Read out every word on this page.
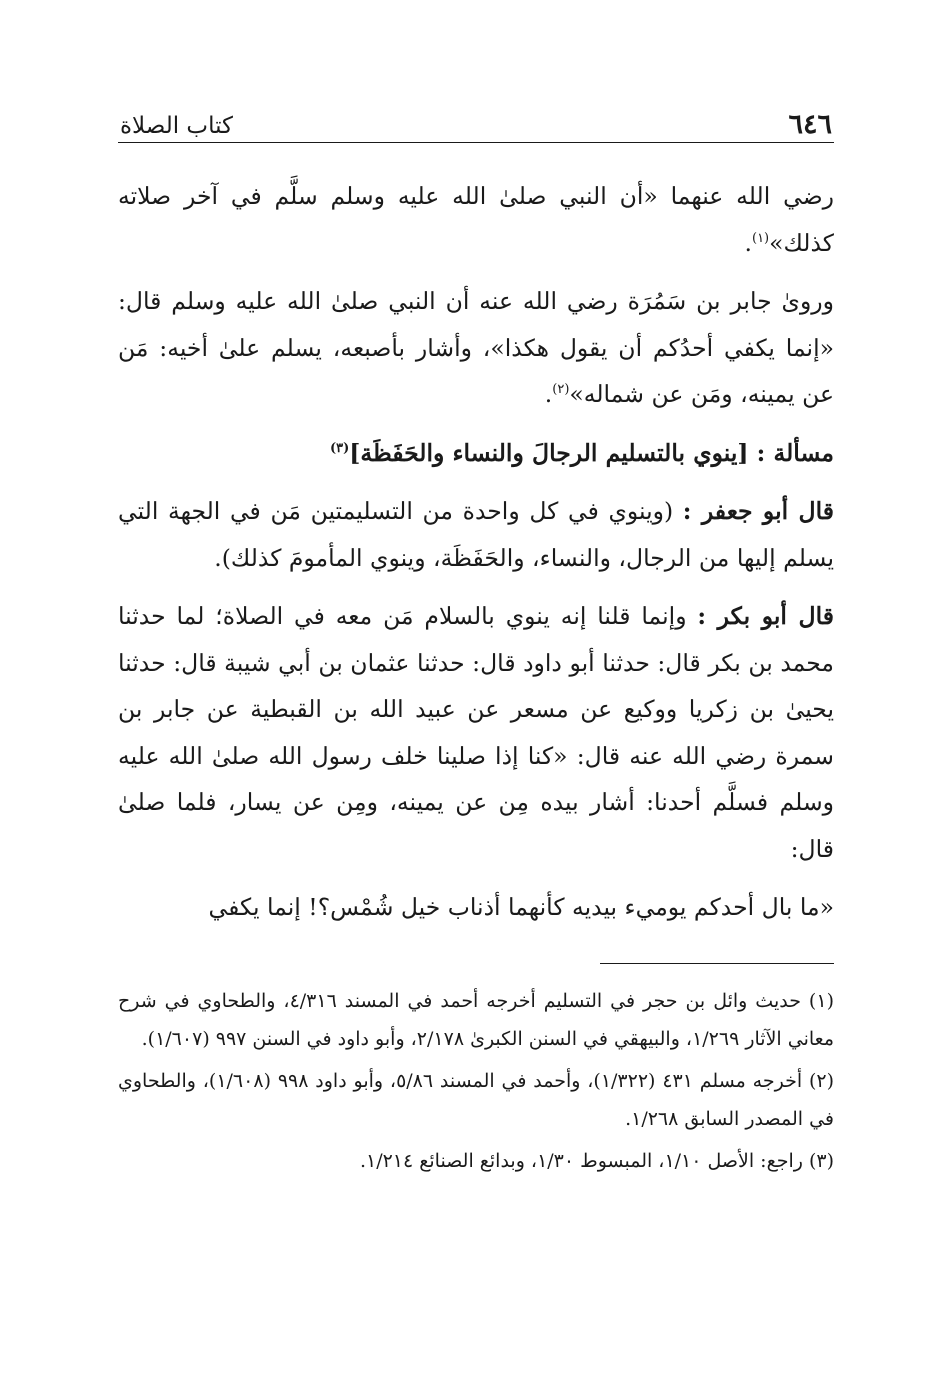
٦٤٦
كتاب الصلاة

رضي الله عنهما «أن النبي صلىٰ الله عليه وسلم سلَّم في آخر صلاته كذلك»$^{(١)}$.

ورویٰ جابر بن سَمُرَة رضي الله عنه أن النبي صلىٰ الله عليه وسلم قال: «إنما يكفي أحدُكم أن يقول هكذا»، وأشار بأصبعه، يسلم علىٰ أخيه: مَن عن يمينه، ومَن عن شماله»$^{(٢)}$.

مسألة : [ينوي بالتسليم الرجالَ والنساء والحَفَظَة]$^{(٣)}$

قال أبو جعفر : (وينوي في كل واحدة من التسليمتين مَن في الجهة التي يسلم إليها من الرجال، والنساء، والحَفَظَة، وينوي المأمومَ كذلك).

قال أبو بكر : وإنما قلنا إنه ينوي بالسلام مَن معه في الصلاة؛ لما حدثنا محمد بن بكر قال: حدثنا أبو داود قال: حدثنا عثمان بن أبي شيبة قال: حدثنا يحيىٰ بن زكريا ووكيع عن مسعر عن عبيد الله بن القبطية عن جابر بن سمرة رضي الله عنه قال: «كنا إذا صلينا خلف رسول الله صلىٰ الله عليه وسلم فسلَّم أحدنا: أشار بيده مِن عن يمينه، ومِن عن يسار، فلما صلىٰ قال:

«ما بال أحدكم يوميء بيديه كأنهما أذناب خيل شُمْس؟! إنما يكفي

(١) حديث وائل بن حجر في التسليم أخرجه أحمد في المسند ٤/٣١٦، والطحاوي في شرح معاني الآثار ١/٢٦٩، والبيهقي في السنن الكبرىٰ ٢/١٧٨، وأبو داود في السنن ٩٩٧ (١/٦٠٧).

(٢) أخرجه مسلم ٤٣١ (١/٣٢٢)، وأحمد في المسند ٥/٨٦، وأبو داود ٩٩٨ (١/٦٠٨)، والطحاوي في المصدر السابق ١/٢٦٨.

(٣) راجع: الأصل ١/١٠، المبسوط ١/٣٠، وبدائع الصنائع ١/٢١٤.
